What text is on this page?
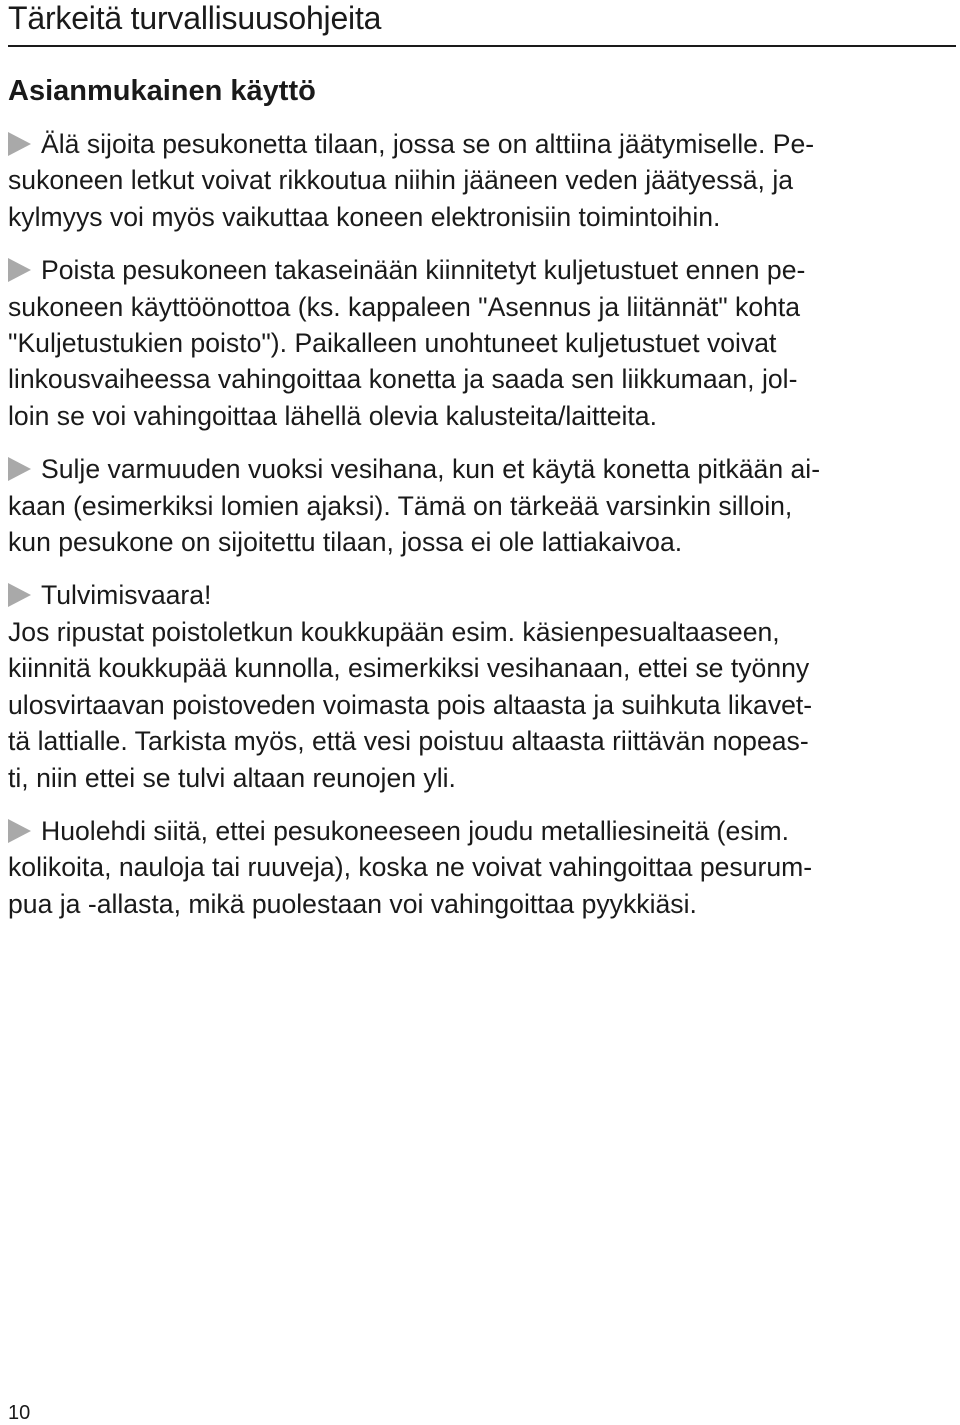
Tärkeitä turvallisuusohjeita
Asianmukainen käyttö

Älä sijoita pesukonetta tilaan, jossa se on alttiina jäätymiselle. Pe-
sukoneen letkut voivat rikkoutua niihin jääneen veden jäätyessä, ja
kylmyys voi myös vaikuttaa koneen elektronisiin toimintoihin.

Poista pesukoneen takaseinään kiinnitetyt kuljetustuet ennen pe-
sukoneen käyttöönottoa (ks. kappaleen "Asennus ja liitännät" kohta
"Kuljetustukien poisto"). Paikalleen unohtuneet kuljetustuet voivat
linkousvaiheessa vahingoittaa konetta ja saada sen liikkumaan, jol-
loin se voi vahingoittaa lähellä olevia kalusteita/laitteita.

Sulje varmuuden vuoksi vesihana, kun et käytä konetta pitkään ai-
kaan (esimerkiksi lomien ajaksi). Tämä on tärkeää varsinkin silloin,
kun pesukone on sijoitettu tilaan, jossa ei ole lattiakaivoa.

Tulvimisvaara!
Jos ripustat poistoletkun koukkupään esim. käsienpesualtaaseen,
kiinnitä koukkupää kunnolla, esimerkiksi vesihanaan, ettei se työnny
ulosvirtaavan poistoveden voimasta pois altaasta ja suihkuta likavet-
tä lattialle. Tarkista myös, että vesi poistuu altaasta riittävän nopeas-
ti, niin ettei se tulvi altaan reunojen yli.

Huolehdi siitä, ettei pesukoneeseen joudu metalliesineitä (esim.
kolikoita, nauloja tai ruuveja), koska ne voivat vahingoittaa pesurum-
pua ja -allasta, mikä puolestaan voi vahingoittaa pyykkiäsi.

10
